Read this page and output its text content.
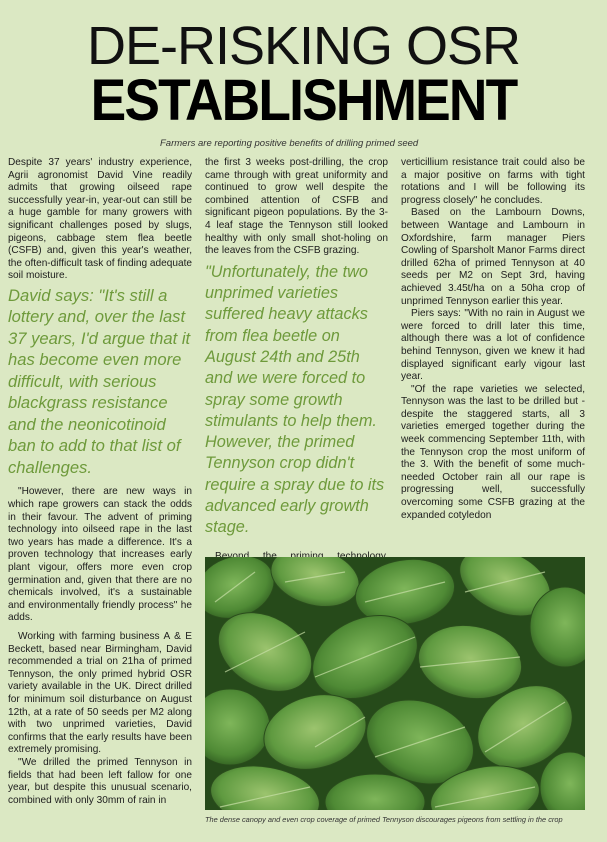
DE-RISKING OSR
ESTABLISHMENT
Farmers are reporting positive benefits of drilling primed seed

Despite 37 years' industry experience, Agrii agronomist David Vine readily admits that growing oilseed rape successfully year-in, year-out can still be a huge gamble for many growers with significant challenges posed by slugs, pigeons, cabbage stem flea beetle (CSFB) and, given this year's weather, the often-difficult task of finding adequate soil moisture.

David says: "It's still a lottery and, over the last 37 years, I'd argue that it has become even more difficult, with serious blackgrass resistance and the neonicotinoid ban to add to that list of challenges.

"However, there are new ways in which rape growers can stack the odds in their favour. The advent of priming technology into oilseed rape in the last two years has made a difference. It's a proven technology that increases early plant vigour, offers more even crop germination and, given that there are no chemicals involved, it's a sustainable and environmentally friendly process" he adds.

Working with farming business A & E Beckett, based near Birmingham, David recommended a trial on 21ha of primed Tennyson, the only primed hybrid OSR variety available in the UK. Direct drilled for minimum soil disturbance on August 12th, at a rate of 50 seeds per M2 along with two unprimed varieties, David confirms that the early results have been extremely promising.

"We drilled the primed Tennyson in fields that had been left fallow for one year, but despite this unusual scenario, combined with only 30mm of rain in

the first 3 weeks post-drilling, the crop came through with great uniformity and continued to grow well despite the combined attention of CSFB and significant pigeon populations. By the 3-4 leaf stage the Tennyson still looked healthy with only small shot-holing on the leaves from the CSFB grazing.

"Unfortunately, the two unprimed varieties suffered heavy attacks from flea beetle on August 24th and 25th and we were forced to spray some growth stimulants to help them. However, the primed Tennyson crop didn't require a spray due to its advanced early growth stage.

verticillium resistance trait could also be a major positive on farms with tight rotations and I will be following its progress closely" he concludes.

Based on the Lambourn Downs, between Wantage and Lambourn in Oxfordshire, farm manager Piers Cowling of Sparsholt Manor Farms direct drilled 62ha of primed Tennyson at 40 seeds per M2 on Sept 3rd, having achieved 3.45t/ha on a 50ha crop of unprimed Tennyson earlier this year.

Piers says: "With no rain in August we were forced to drill later this time, although there was a lot of confidence behind Tennyson, given we knew it had displayed significant early vigour last year.

"Of the rape varieties we selected, Tennyson was the last to be drilled but - despite the staggered starts, all 3 varieties emerged together during the week commencing September 11th, with the Tennyson crop the most uniform of the 3. With the benefit of some much-needed October rain all our rape is progressing well, successfully overcoming some CSFB grazing at the expanded cotyledon

The dense canopy and even crop coverage of primed Tennyson discourages pigeons from settling in the crop
